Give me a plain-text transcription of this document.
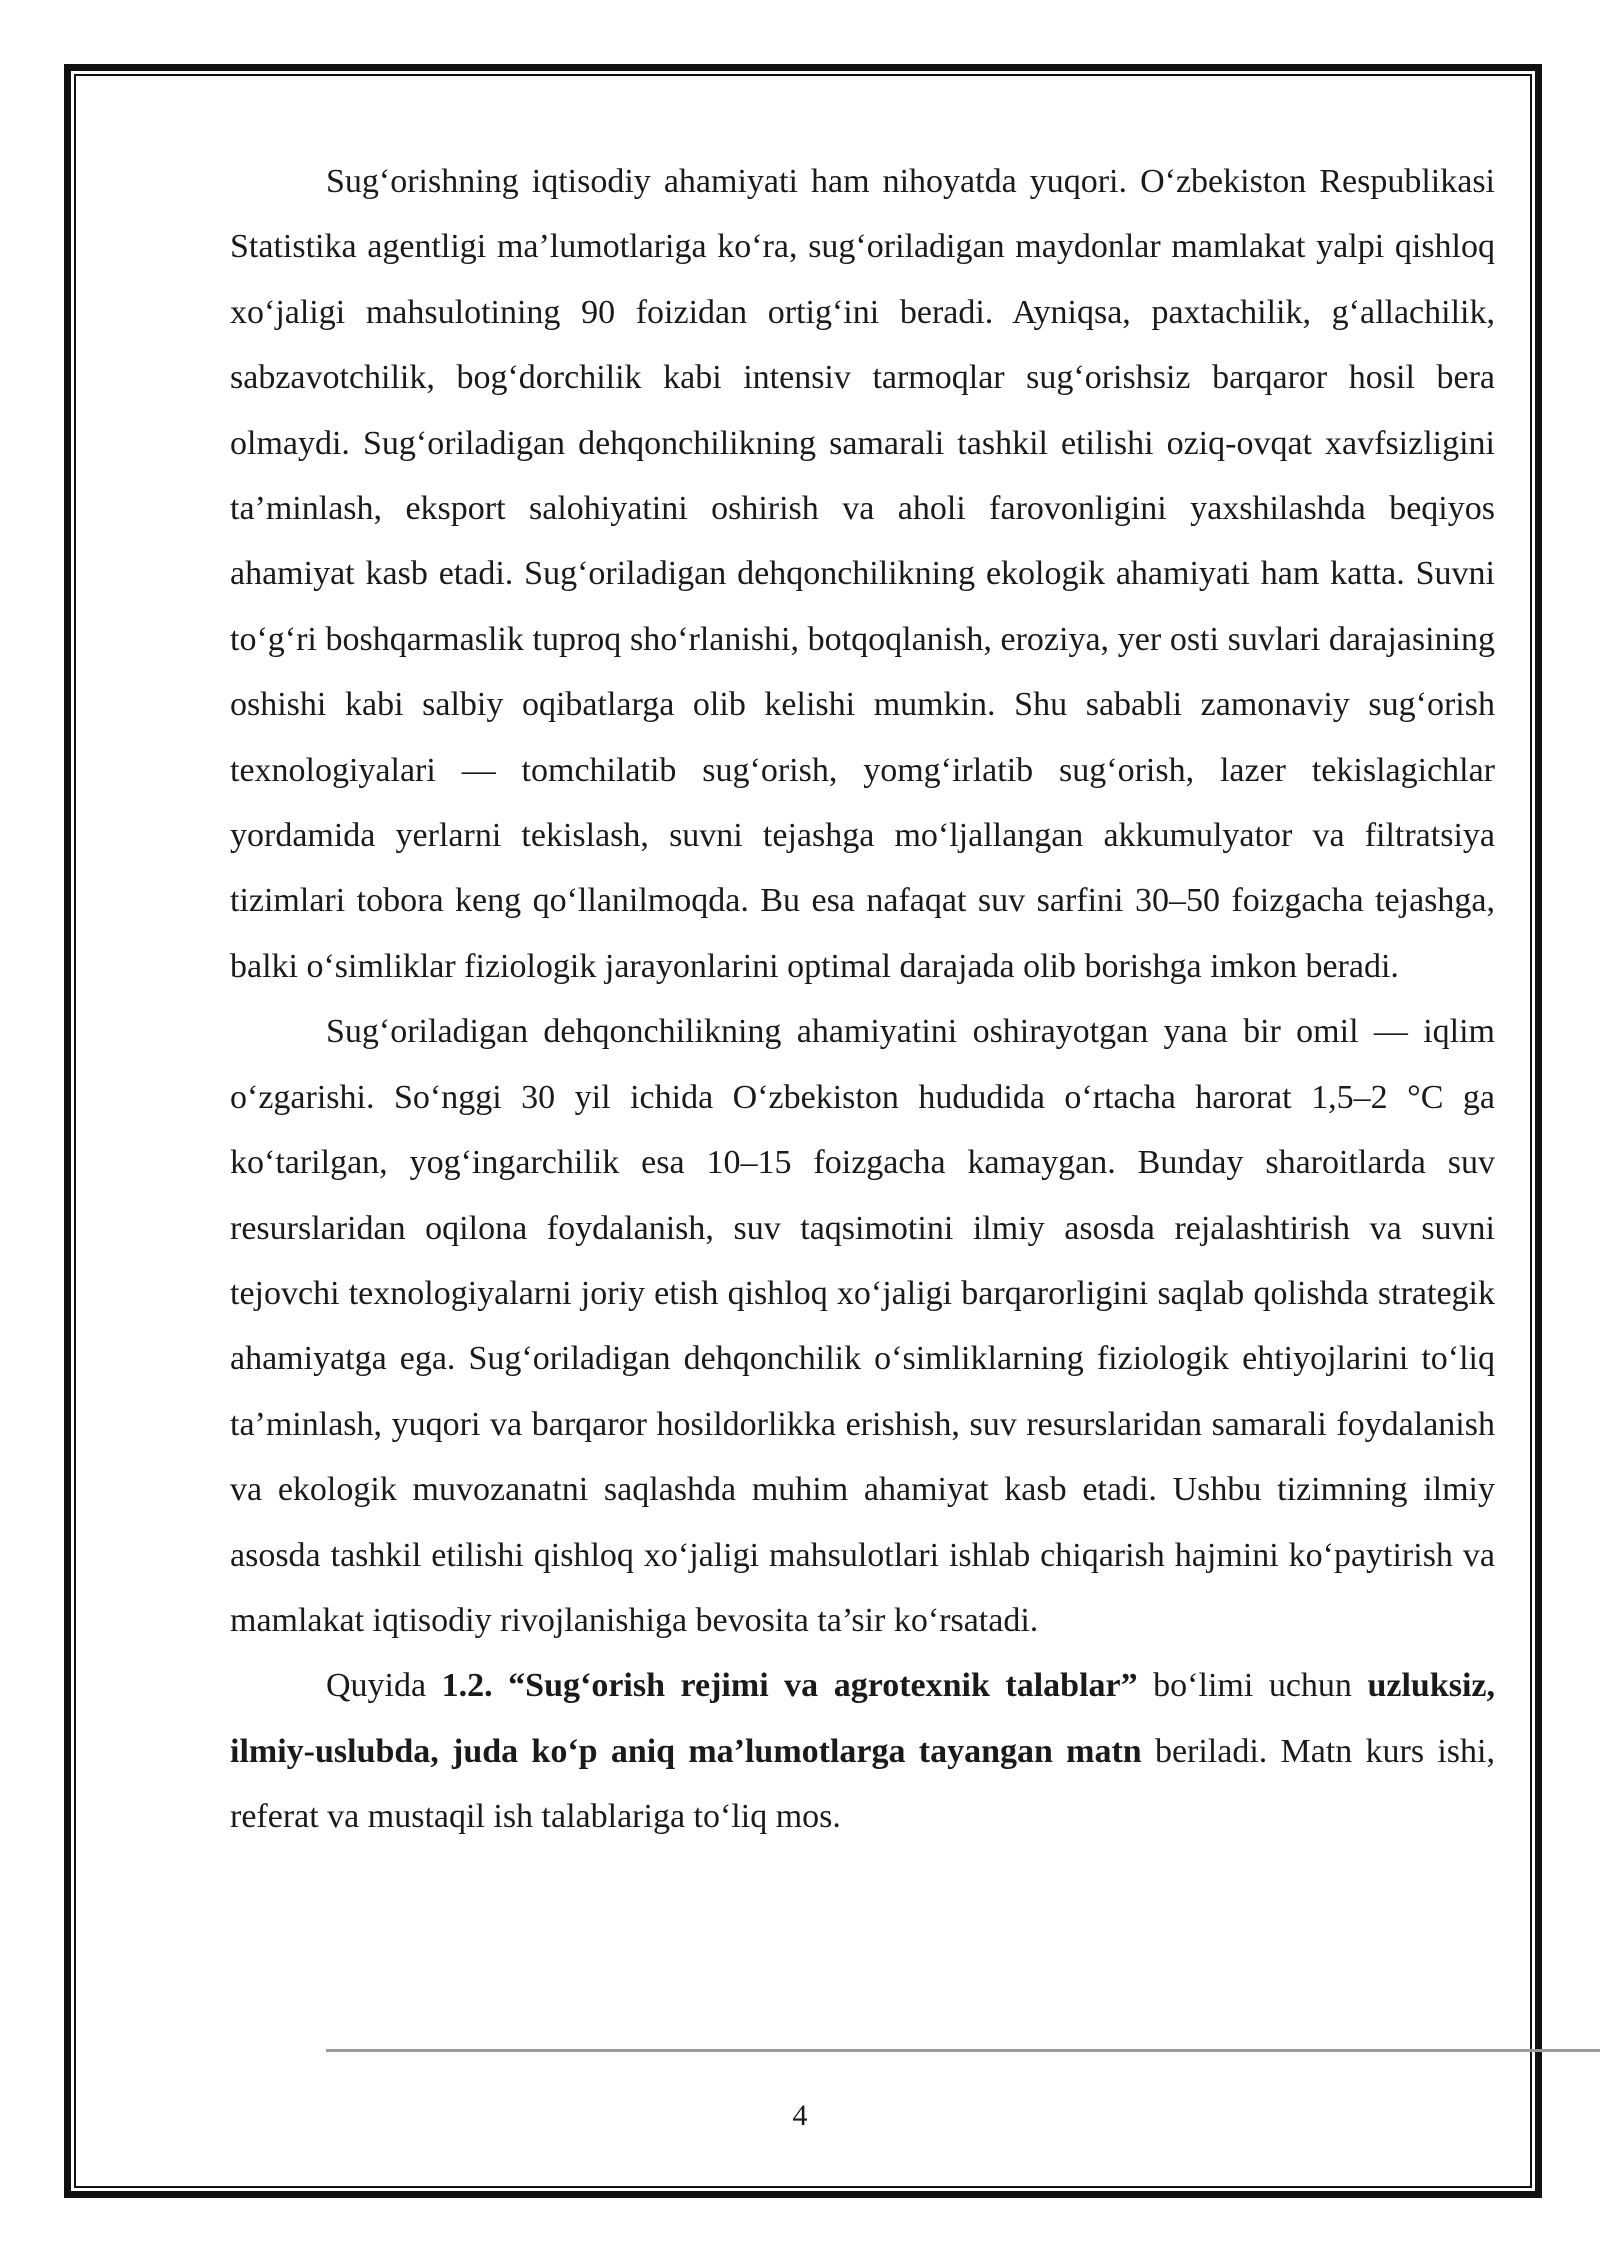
Sug‘orishning iqtisodiy ahamiyati ham nihoyatda yuqori. O‘zbekiston Respublikasi Statistika agentligi ma’lumotlariga ko‘ra, sug‘oriladigan maydonlar mamlakat yalpi qishloq xo‘jaligi mahsulotining 90 foizidan ortig‘ini beradi. Ayniqsa, paxtachilik, g‘allachilik, sabzavotchilik, bog‘dorchilik kabi intensiv tarmoqlar sug‘orishsiz barqaror hosil bera olmaydi. Sug‘oriladigan dehqonchilikning samarali tashkil etilishi oziq-ovqat xavfsizligini ta’minlash, eksport salohiyatini oshirish va aholi farovonligini yaxshilashda beqiyos ahamiyat kasb etadi. Sug‘oriladigan dehqonchilikning ekologik ahamiyati ham katta. Suvni to‘g‘ri boshqarmaslik tuproq sho‘rlanishi, botqoqlanish, eroziya, yer osti suvlari darajasining oshishi kabi salbiy oqibatlarga olib kelishi mumkin. Shu sababli zamonaviy sug‘orish texnologiyalari — tomchilatib sug‘orish, yomg‘irlatib sug‘orish, lazer tekislagichlar yordamida yerlarni tekislash, suvni tejashga mo‘ljallangan akkumulyator va filtratsiya tizimlari tobora keng qo‘llanilmoqda. Bu esa nafaqat suv sarfini 30–50 foizgacha tejashga, balki o‘simliklar fiziologik jarayonlarini optimal darajada olib borishga imkon beradi.

Sug‘oriladigan dehqonchilikning ahamiyatini oshirayotgan yana bir omil — iqlim o‘zgarishi. So‘nggi 30 yil ichida O‘zbekiston hududida o‘rtacha harorat 1,5–2 °C ga ko‘tarilgan, yog‘ingarchilik esa 10–15 foizgacha kamaygan. Bunday sharoitlarda suv resurslaridan oqilona foydalanish, suv taqsimotini ilmiy asosda rejalashtirish va suvni tejovchi texnologiyalarni joriy etish qishloq xo‘jaligi barqarorligini saqlab qolishda strategik ahamiyatga ega. Sug‘oriladigan dehqonchilik o‘simliklarning fiziologik ehtiyojlarini to‘liq ta’minlash, yuqori va barqaror hosildorlikka erishish, suv resurslaridan samarali foydalanish va ekologik muvozanatni saqlashda muhim ahamiyat kasb etadi. Ushbu tizimning ilmiy asosda tashkil etilishi qishloq xo‘jaligi mahsulotlari ishlab chiqarish hajmini ko‘paytirish va mamlakat iqtisodiy rivojlanishiga bevosita ta’sir ko‘rsatadi.

Quyida 1.2. “Sug‘orish rejimi va agrotexnik talablar” bo‘limi uchun uzluksiz, ilmiy-uslubda, juda ko‘p aniq ma’lumotlarga tayangan matn beriladi. Matn kurs ishi, referat va mustaqil ish talablariga to‘liq mos.

4
